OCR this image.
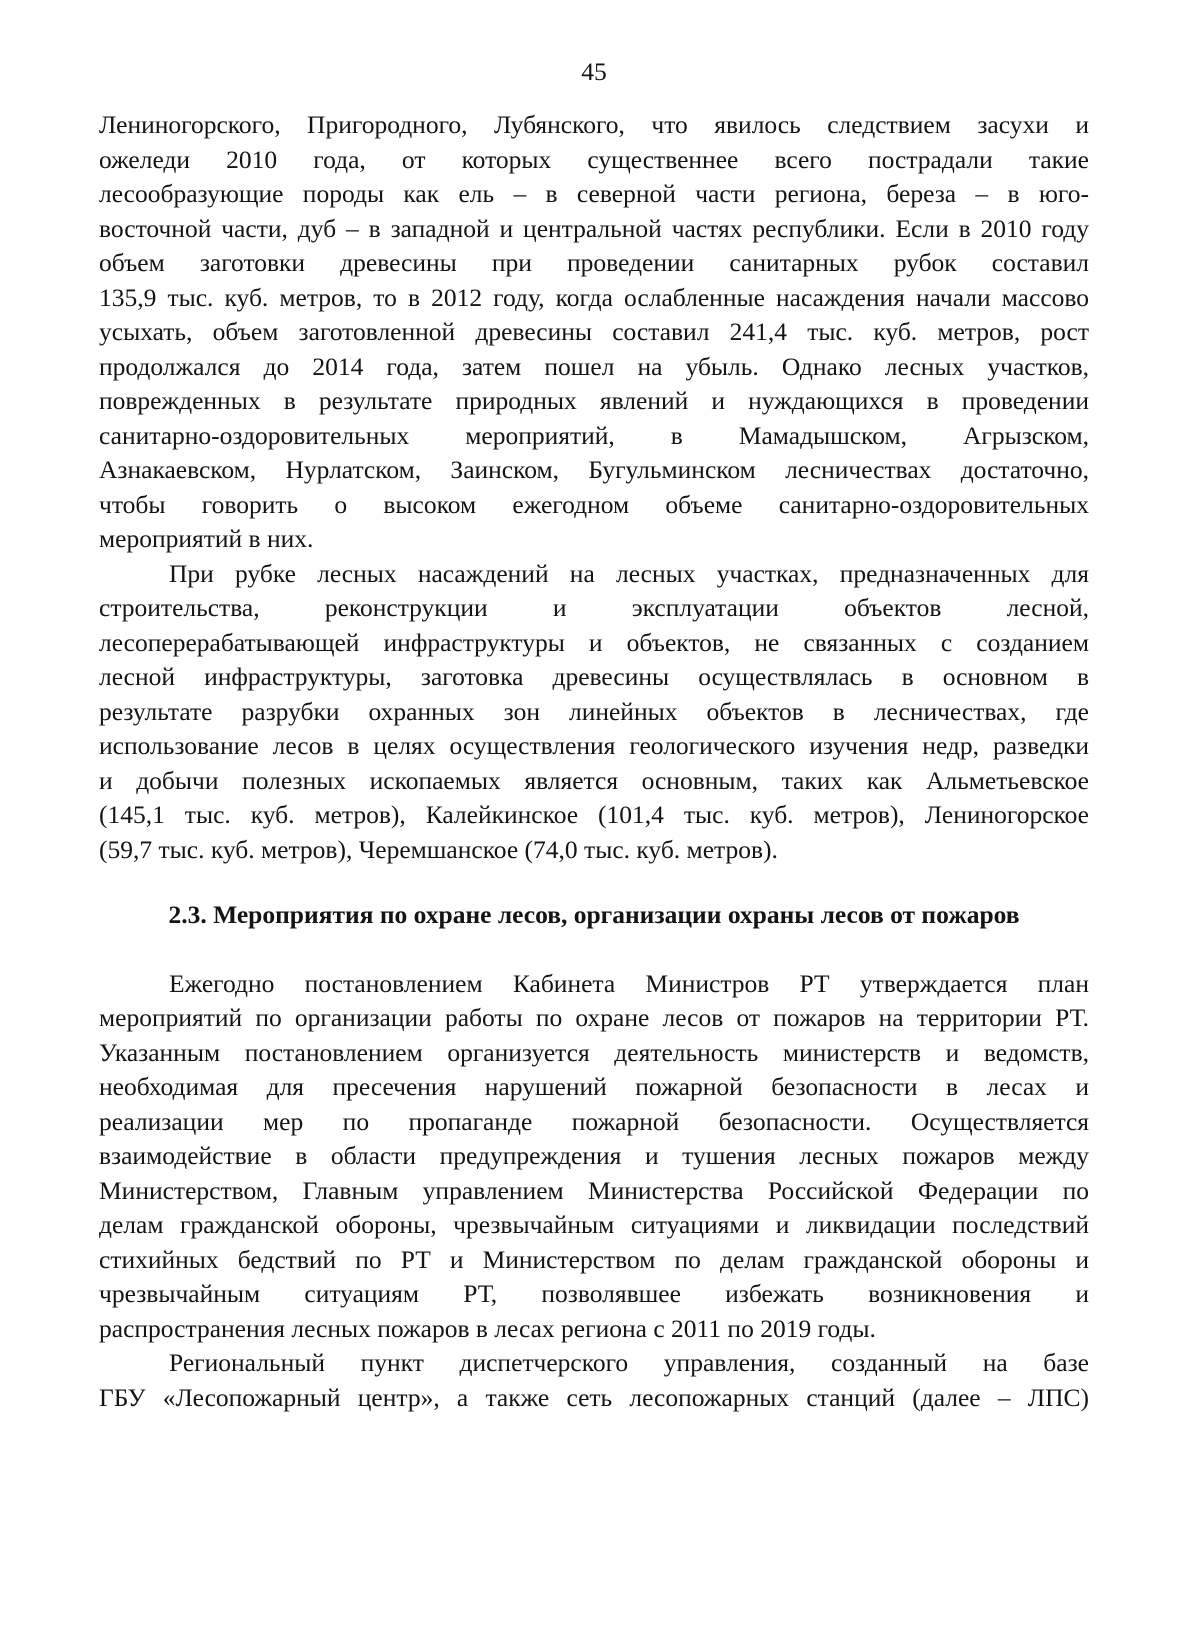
45
Лениногорского, Пригородного, Лубянского, что явилось следствием засухи и
ожеледи 2010 года, от которых существеннее всего пострадали такие
лесообразующие породы как ель – в северной части региона, береза – в юго-
восточной части, дуб – в западной и центральной частях республики. Если в 2010 году
объем заготовки древесины при проведении санитарных рубок составил
135,9 тыс. куб. метров, то в 2012 году, когда ослабленные насаждения начали массово
усыхать, объем заготовленной древесины составил 241,4 тыс. куб. метров, рост
продолжался до 2014 года, затем пошел на убыль. Однако лесных участков,
поврежденных в результате природных явлений и нуждающихся в проведении
санитарно-оздоровительных мероприятий, в Мамадышском, Агрызском,
Азнакаевском, Нурлатском, Заинском, Бугульминском лесничествах достаточно,
чтобы говорить о высоком ежегодном объеме санитарно-оздоровительных
мероприятий в них.
При рубке лесных насаждений на лесных участках, предназначенных для
строительства, реконструкции и эксплуатации объектов лесной,
лесоперерабатывающей инфраструктуры и объектов, не связанных с созданием
лесной инфраструктуры, заготовка древесины осуществлялась в основном в
результате разрубки охранных зон линейных объектов в лесничествах, где
использование лесов в целях осуществления геологического изучения недр, разведки
и добычи полезных ископаемых является основным, таких как Альметьевское
(145,1 тыс. куб. метров), Калейкинское (101,4 тыс. куб. метров), Лениногорское
(59,7 тыс. куб. метров), Черемшанское (74,0 тыс. куб. метров).
2.3. Мероприятия по охране лесов, организации охраны лесов от пожаров
Ежегодно постановлением Кабинета Министров РТ утверждается план
мероприятий по организации работы по охране лесов от пожаров на территории РТ.
Указанным постановлением организуется деятельность министерств и ведомств,
необходимая для пресечения нарушений пожарной безопасности в лесах и
реализации мер по пропаганде пожарной безопасности. Осуществляется
взаимодействие в области предупреждения и тушения лесных пожаров между
Министерством, Главным управлением Министерства Российской Федерации по
делам гражданской обороны, чрезвычайным ситуациями и ликвидации последствий
стихийных бедствий по РТ и Министерством по делам гражданской обороны и
чрезвычайным ситуациям РТ, позволявшее избежать возникновения и
распространения лесных пожаров в лесах региона с 2011 по 2019 годы.
Региональный пункт диспетчерского управления, созданный на базе
ГБУ «Лесопожарный центр», а также сеть лесопожарных станций (далее – ЛПС)
